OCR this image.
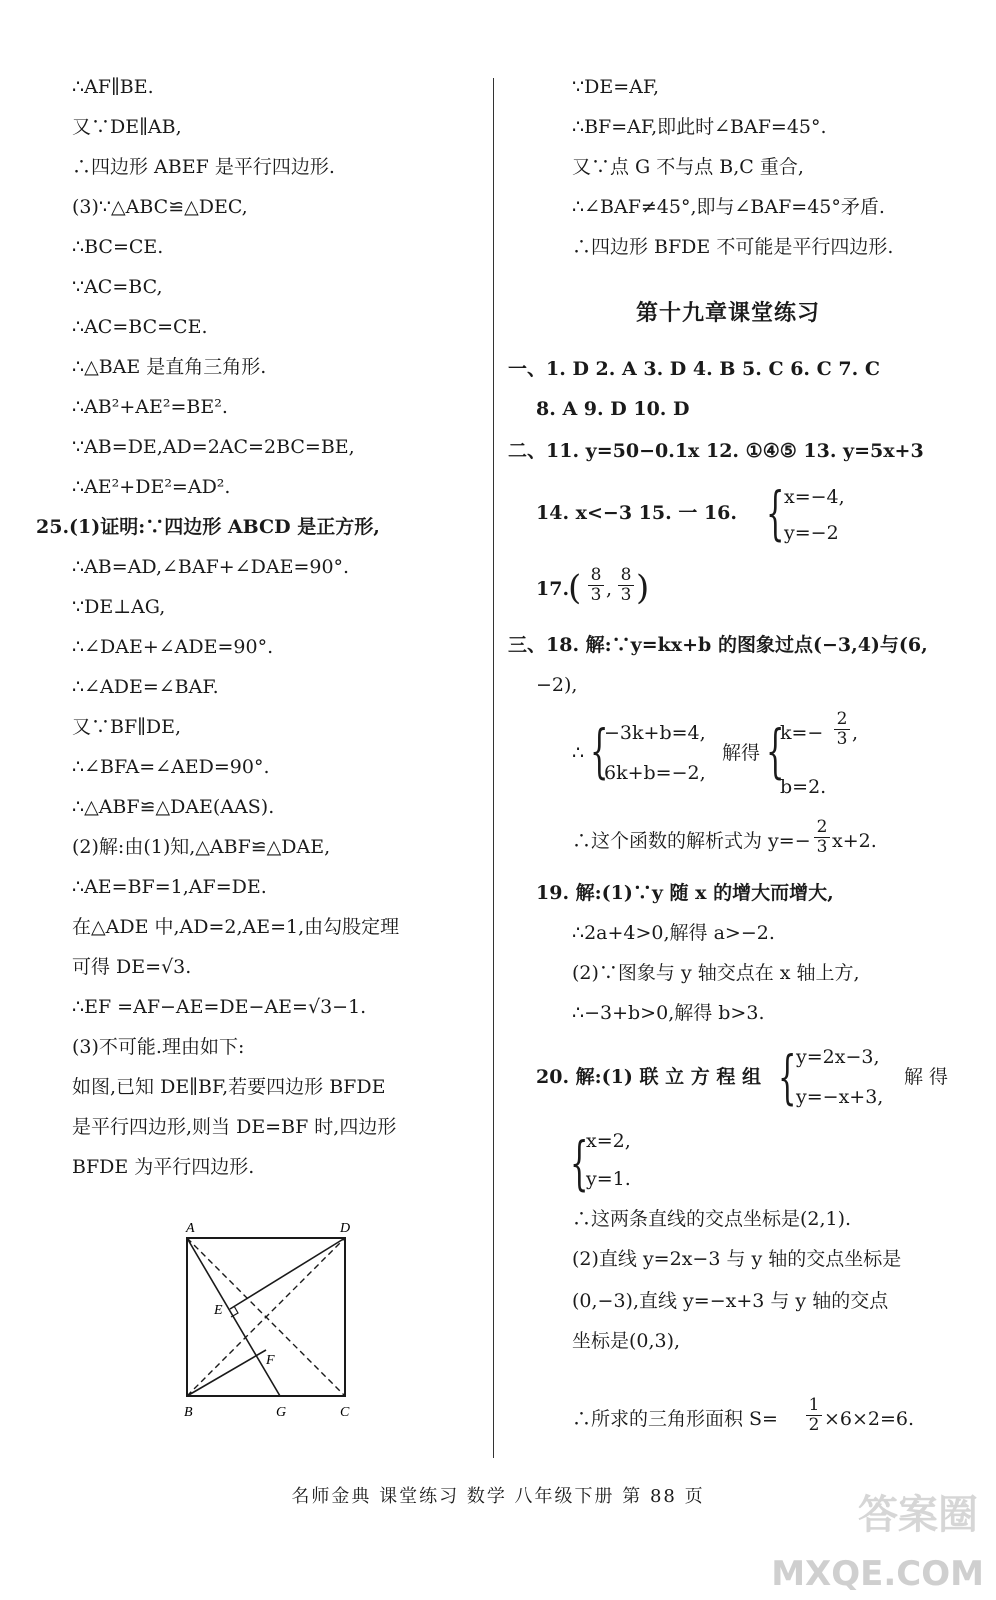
∴AF∥BE.
又∵DE∥AB,
∴四边形 ABEF 是平行四边形.
(3)∵△ABC≌△DEC,
∴BC=CE.
∵AC=BC,
∴AC=BC=CE.
∴△BAE 是直角三角形.
∴AB²+AE²=BE².
∵AB=DE,AD=2AC=2BC=BE,
∴AE²+DE²=AD².
25.(1)证明:∵四边形 ABCD 是正方形,
∴AB=AD,∠BAF+∠DAE=90°.
∵DE⊥AG,
∴∠DAE+∠ADE=90°.
∴∠ADE=∠BAF.
又∵BF∥DE,
∴∠BFA=∠AED=90°.
∴△ABF≌△DAE(AAS).
(2)解:由(1)知,△ABF≌△DAE,
∴AE=BF=1,AF=DE.
在△ADE 中,AD=2,AE=1,由勾股定理
可得 DE=√3.
∴EF =AF−AE=DE−AE=√3−1.
(3)不可能.理由如下:
如图,已知 DE∥BF,若要四边形 BFDE
是平行四边形,则当 DE=BF 时,四边形
BFDE 为平行四边形.
A	D
E
F
B	G	C
∵DE=AF,
∴BF=AF,即此时∠BAF=45°.
又∵点 G 不与点 B,C 重合,
∴∠BAF≠45°,即与∠BAF=45°矛盾.
∴四边形 BFDE 不可能是平行四边形.
第十九章课堂练习
一、1. D 2. A 3. D 4. B 5. C 6. C 7. C
8. A 9. D 10. D
二、11. y=50−0.1x 12. ①④⑤ 13. y=5x+3
14. x<−3 15. 一 16. { x=−4,
y=−2
17.
( $\frac{8}{3}$ , $\frac{8}{3}$ )
三、18. 解:∵y=kx+b 的图象过点(−3,4)与(6,
−2),
∴ {
−3k+b=4,
6k+b=−2,
解得 {
$k=- \frac{2}{3}$ ,
b=2.
∴这个函数的解析式为 $y=- \frac{2}{3} x+2$.
19. 解:(1)∵y 随 x 的增大而增大,
∴2a+4>0,解得 a>−2.
(2)∵图象与 y 轴交点在 x 轴上方,
∴−3+b>0,解得 b>3.
20. 解:(1) 联 立 方 程 组 { y=2x−3,
y=−x+3,
解 得
{
x=2,
y=1.
∴这两条直线的交点坐标是(2,1).
(2)直线 y=2x−3 与 y 轴的交点坐标是
(0,−3),直线 y=−x+3 与 y 轴的交点
坐标是(0,3),
∴所求的三角形面积 $S= \frac{1}{2} \times 6\times 2=6$.
名师金典 课堂练习 数学 八年级下册 第 88 页	答案圈
MXQE.COM
